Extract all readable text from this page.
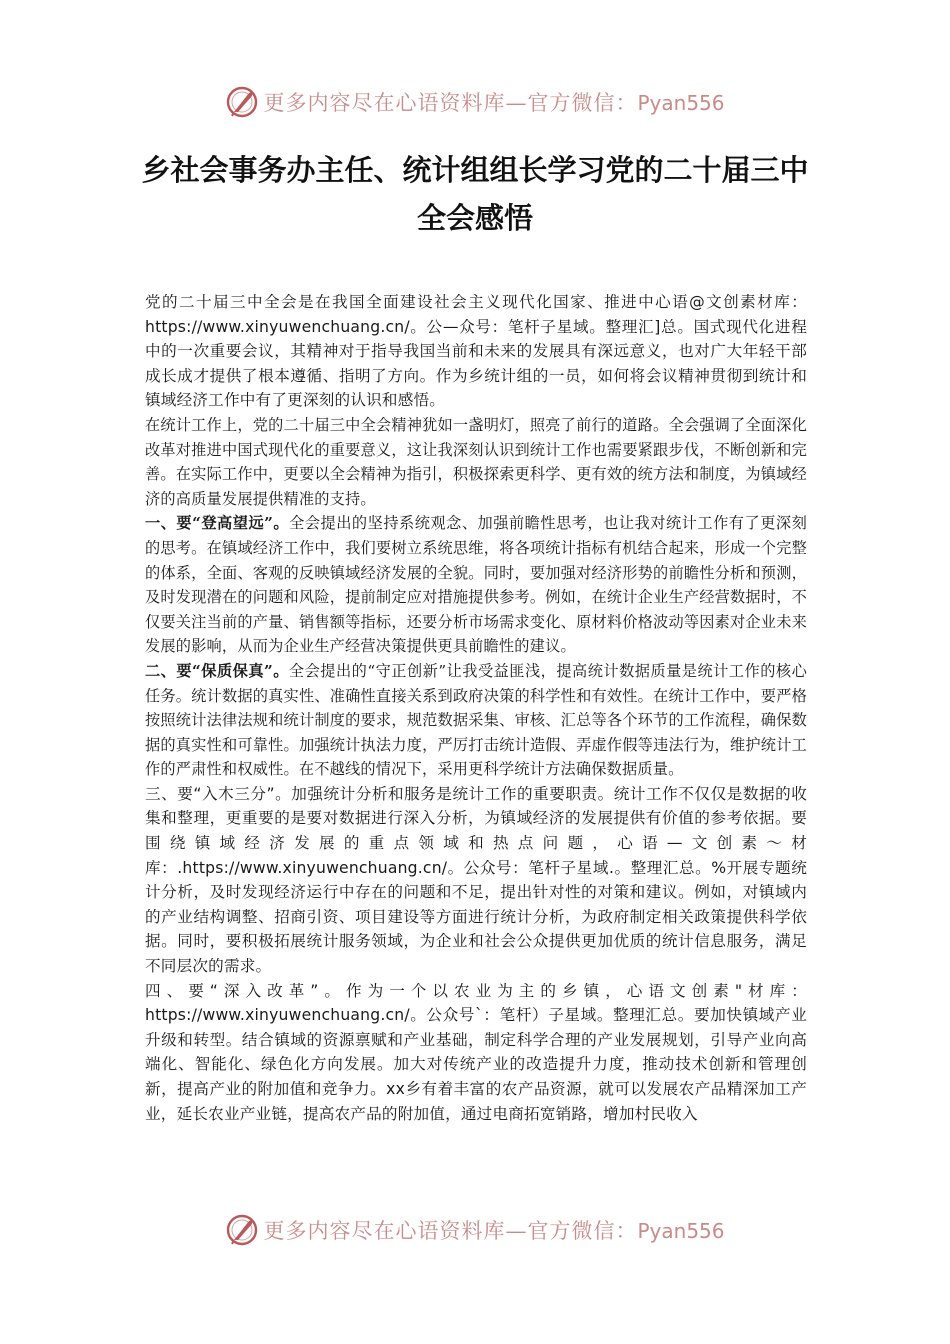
更多内容尽在心语资料库—官方微信：Pyan556
乡社会事务办主任、统计组组长学习党的二十届三中全会感悟

党的二十届三中全会是在我国全面建设社会主义现代化国家、推进中心语@文创素材库：https://www.xinyuwenchuang.cn/。公—众号：笔杆子星域。整理汇]总。国式现代化进程中的一次重要会议，其精神对于指导我国当前和未来的发展具有深远意义，也对广大年轻干部成长成才提供了根本遵循、指明了方向。作为乡统计组的一员，如何将会议精神贯彻到统计和镇域经济工作中有了更深刻的认识和感悟。

在统计工作上，党的二十届三中全会精神犹如一盏明灯，照亮了前行的道路。全会强调了全面深化改革对推进中国式现代化的重要意义，这让我深刻认识到统计工作也需要紧跟步伐，不断创新和完善。在实际工作中，更要以全会精神为指引，积极探索更科学、更有效的统方法和制度，为镇域经济的高质量发展提供精准的支持。

一、要“登高望远”。全会提出的坚持系统观念、加强前瞻性思考，也让我对统计工作有了更深刻的思考。在镇域经济工作中，我们要树立系统思维，将各项统计指标有机结合起来，形成一个完整的体系，全面、客观的反映镇域经济发展的全貌。同时，要加强对经济形势的前瞻性分析和预测，及时发现潜在的问题和风险，提前制定应对措施提供参考。例如，在统计企业生产经营数据时，不仅要关注当前的产量、销售额等指标，还要分析市场需求变化、原材料价格波动等因素对企业未来发展的影响，从而为企业生产经营决策提供更具前瞻性的建议。

二、要“保质保真”。全会提出的“守正创新”让我受益匪浅，提高统计数据质量是统计工作的核心任务。统计数据的真实性、准确性直接关系到政府决策的科学性和有效性。在统计工作中，要严格按照统计法律法规和统计制度的要求，规范数据采集、审核、汇总等各个环节的工作流程，确保数据的真实性和可靠性。加强统计执法力度，严厉打击统计造假、弄虚作假等违法行为，维护统计工作的严肃性和权威性。在不越线的情况下，采用更科学统计方法确保数据质量。

三、要“入木三分”。加强统计分析和服务是统计工作的重要职责。统计工作不仅仅是数据的收集和整理，更重要的是要对数据进行深入分析，为镇域经济的发展提供有价值的参考依据。要围绕镇域经济发展的重点领域和热点问题，心语—文创素～材库：.https://www.xinyuwenchuang.cn/。公众号：笔杆子星域.。整理汇总。%开展专题统计分析，及时发现经济运行中存在的问题和不足，提出针对性的对策和建议。例如，对镇域内的产业结构调整、招商引资、项目建设等方面进行统计分析，为政府制定相关政策提供科学依据。同时，要积极拓展统计服务领域，为企业和社会公众提供更加优质的统计信息服务，满足不同层次的需求。

四、要“深入改革”。作为一个以农业为主的乡镇，心语文创素"材库：https://www.xinyuwenchuang.cn/。公众号`：笔杆）子星域。整理汇总。要加快镇域产业升级和转型。结合镇域的资源禀赋和产业基础，制定科学合理的产业发展规划，引导产业向高端化、智能化、绿色化方向发展。加大对传统产业的改造提升力度，推动技术创新和管理创新，提高产业的附加值和竞争力。xx乡有着丰富的农产品资源，就可以发展农产品精深加工产业，延长农业产业链，提高农产品的附加值，通过电商拓宽销路，增加村民收入

更多内容尽在心语资料库—官方微信：Pyan556
